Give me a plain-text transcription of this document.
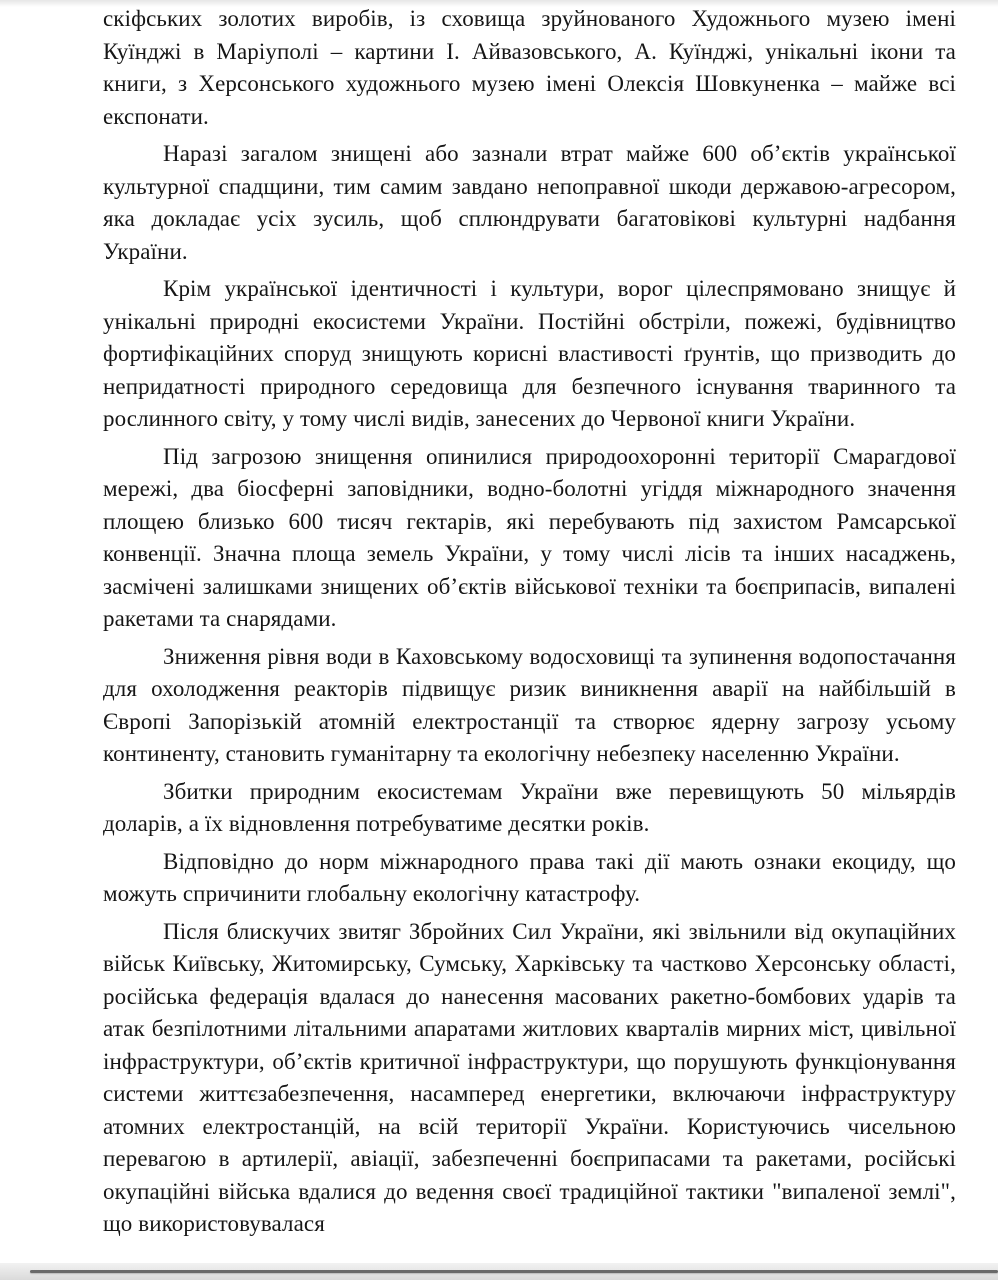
скіфських золотих виробів, із сховища зруйнованого Художнього музею імені Куїнджі в Маріуполі – картини І. Айвазовського, А. Куїнджі, унікальні ікони та книги, з Херсонського художнього музею імені Олексія Шовкуненка – майже всі експонати.

Наразі загалом знищені або зазнали втрат майже 600 об’єктів української культурної спадщини, тим самим завдано непоправної шкоди державою-агресором, яка докладає усіх зусиль, щоб сплюндрувати багатовікові культурні надбання України.

Крім української ідентичності і культури, ворог цілеспрямовано знищує й унікальні природні екосистеми України. Постійні обстріли, пожежі, будівництво фортифікаційних споруд знищують корисні властивості ґрунтів, що призводить до непридатності природного середовища для безпечного існування тваринного та рослинного світу, у тому числі видів, занесених до Червоної книги України.

Під загрозою знищення опинилися природоохоронні території Смарагдової мережі, два біосферні заповідники, водно-болотні угіддя міжнародного значення площею близько 600 тисяч гектарів, які перебувають під захистом Рамсарської конвенції. Значна площа земель України, у тому числі лісів та інших насаджень, засмічені залишками знищених об’єктів військової техніки та боєприпасів, випалені ракетами та снарядами.

Зниження рівня води в Каховському водосховищі та зупинення водопостачання для охолодження реакторів підвищує ризик виникнення аварії на найбільшій в Європі Запорізькій атомній електростанції та створює ядерну загрозу усьому континенту, становить гуманітарну та екологічну небезпеку населенню України.

Збитки природним екосистемам України вже перевищують 50 мільярдів доларів, а їх відновлення потребуватиме десятки років.

Відповідно до норм міжнародного права такі дії мають ознаки екоциду, що можуть спричинити глобальну екологічну катастрофу.

Після блискучих звитяг Збройних Сил України, які звільнили від окупаційних військ Київську, Житомирську, Сумську, Харківську та частково Херсонську області, російська федерація вдалася до нанесення масованих ракетно-бомбових ударів та атак безпілотними літальними апаратами житлових кварталів мирних міст, цивільної інфраструктури, об’єктів критичної інфраструктури, що порушують функціонування системи життєзабезпечення, насамперед енергетики, включаючи інфраструктуру атомних електростанцій, на всій території України. Користуючись чисельною перевагою в артилерії, авіації, забезпеченні боєприпасами та ракетами, російські окупаційні війська вдалися до ведення своєї традиційної тактики "випаленої землі", що використовувалася
